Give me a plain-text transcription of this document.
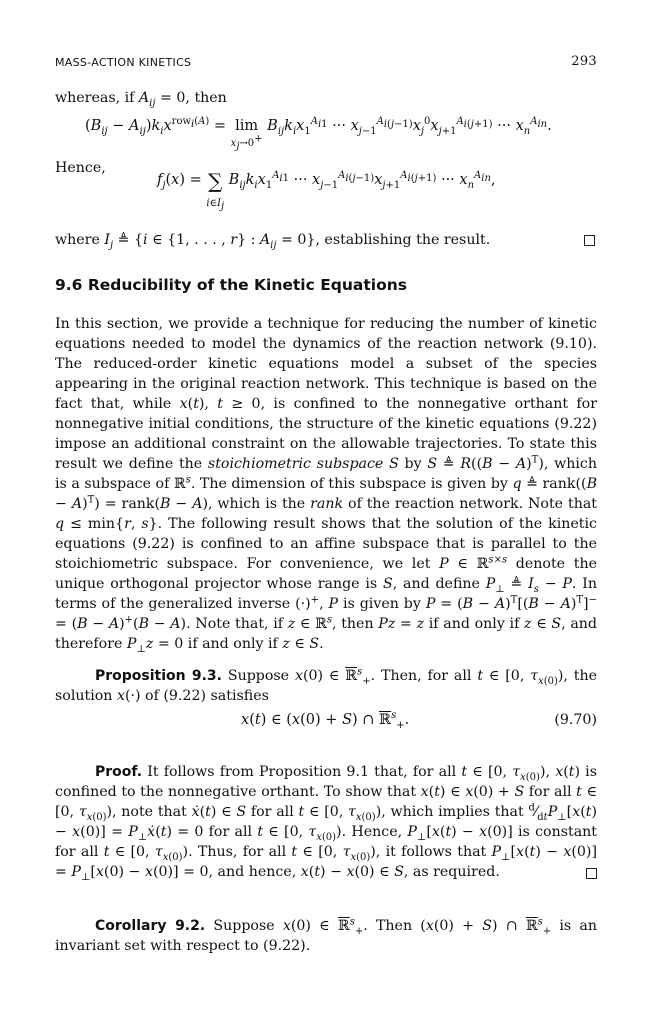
MASS-ACTION KINETICS	293
whereas, if $A_{ij} = 0$, then
$(B_{ij} - A_{ij})k_ix^{row_i(A)} = \lim$
$x_j\to 0^+$ $B_{ij}k_ix_1^{A_{i1}}$ ··· $x_{j-1}^{A_{i(j-1)}}x_j^0x_{j+1}^{A_{i(j+1)}}$ ··· $x_n^{A_{in}}$.
Hence,
$f_j(x)$ = ∑
$i\in I_j$ $B_{ij}k_ix_1^{A_{i1}}$ ··· $x_{j-1}^{A_{i(j-1)}}x_{j+1}^{A_{i(j+1)}}$ ··· $x_n^{A_{in}}$,
where $I_j$ ≜ {i ∈ {1, . . . , r} : $A_{ij} = 0$}, establishing the result.
9.6 Reducibility of the Kinetic Equations
In this section, we provide a technique for reducing the number of kinetic equations needed to model the dynamics of the reaction network (9.10). The reduced-order kinetic equations model a subset of the species appearing in the original reaction network. This technique is based on the fact that, while x(t), t ≥ 0, is confined to the nonnegative orthant for nonnegative initial conditions, the structure of the kinetic equations (9.22) impose an additional constraint on the allowable trajectories. To state this result we define the stoichiometric subspace S by S ≜ $R((B - A)^T)$, which is a subspace of ℝ$^s$. The dimension of this subspace is given by q ≜ rank((B − A)$^T$) = rank(B − A), which is the rank of the reaction network. Note that q ≤ min{r, s}. The following result shows that the solution of the kinetic equations (9.22) is confined to an affine subspace that is parallel to the stoichiometric subspace. For convenience, we let P ∈ ℝ$^{s\times s}$ denote the unique orthogonal projector whose range is S, and define $P_\perp$ ≜ $I_s - P$. In terms of the generalized inverse (·)+, P is given by $P = (B - A)^T[(B - A)^T]^- = (B - A)^+(B - A)$. Note that, if z ∈ ℝ$^s$, then Pz = z if and only if z ∈ S, and therefore $P_\perp z = 0$ if and only if z ∈ S.
Proposition 9.3. Suppose x(0) ∈ ℝ$^s_+$. Then, for all t ∈ [0, $\tau_{x(0)}$), the solution x(·) of (9.22) satisfies
x(t) ∈ (x(0) + S) ∩ ℝ$^s_+$.	(9.70)
Proof. It follows from Proposition 9.1 that, for all t ∈ [0, $\tau_{x(0)}$), x(t) is confined to the nonnegative orthant. To show that x(t) ∈ x(0) + S for all t ∈ [0, $\tau_{x(0)}$), note that ẋ(t) ∈ S for all t ∈ [0, $\tau_{x(0)}$), which implies that $^d⁄_{dt}P_\perp[x(t) - x(0)]$ = $P_\perp ẋ(t) = 0$ for all t ∈ [0, $\tau_{x(0)}$). Hence, $P_\perp[x(t) - x(0)]$ is constant for all t ∈ [0, $\tau_{x(0)}$). Thus, for all t ∈ [0, $\tau_{x(0)}$), it follows that $P_\perp[x(t) - x(0)] = P_\perp[x(0) - x(0)] = 0$, and hence, x(t) − x(0) ∈ S, as required.
Corollary 9.2. Suppose x(0) ∈ ℝ$^s_+$. Then (x(0) + S) ∩ ℝ$^s_+$ is an invariant set with respect to (9.22).
